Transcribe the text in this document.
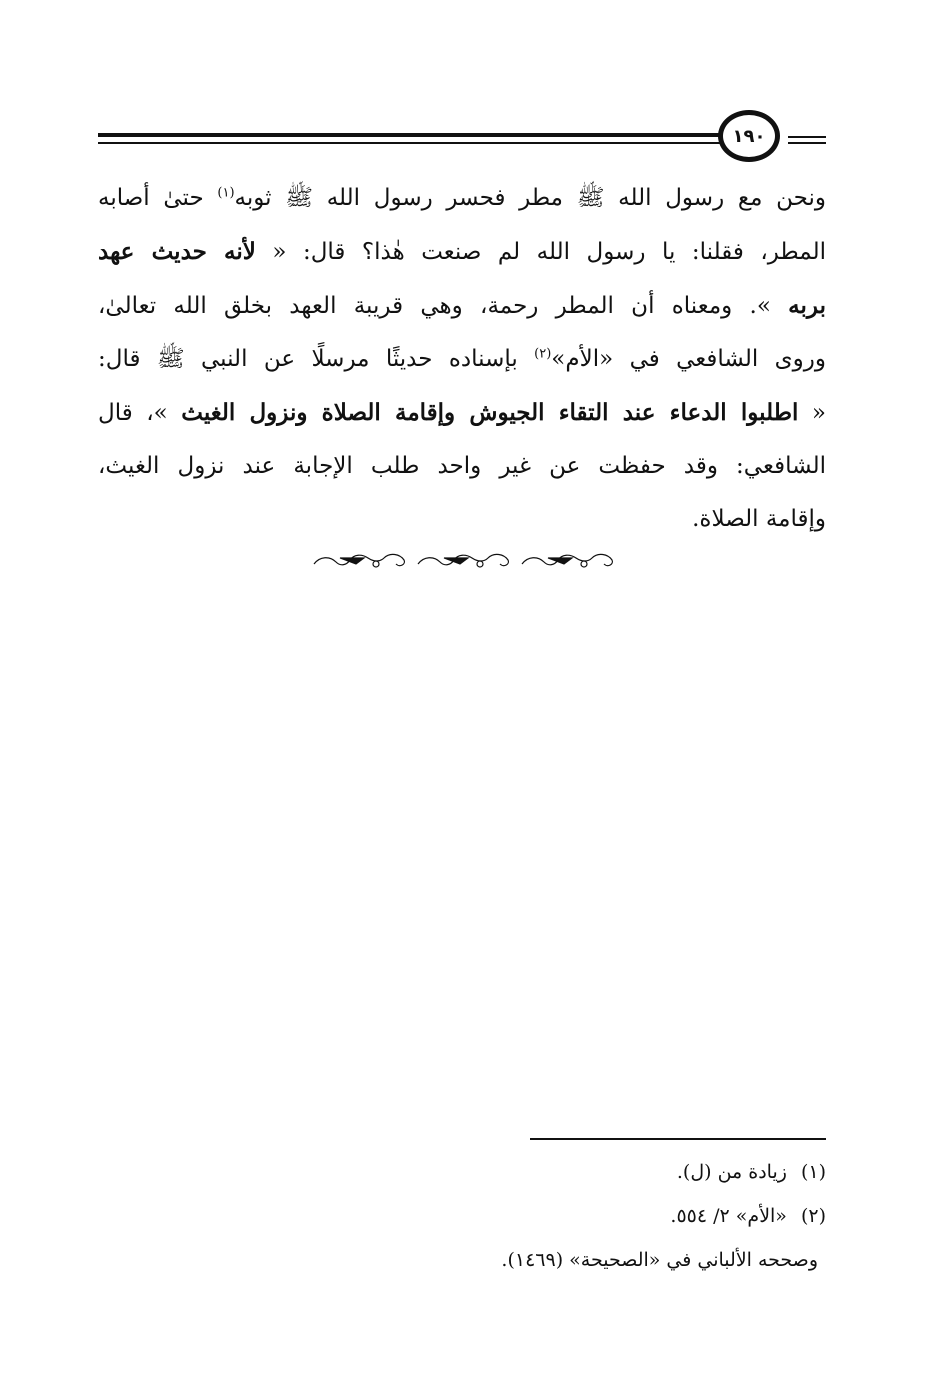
١٩٠
ونحن مع رسول الله ﷺ مطر فحسر رسول الله ﷺ ثوبه$^{(١)}$ حتىٰ أصابه
المطر، فقلنا: يا رسول الله لم صنعت هٰذا؟ قال: « لأنه حديث عهد
بربه ». ومعناه أن المطر رحمة، وهي قريبة العهد بخلق الله تعالىٰ،
وروى الشافعي في «الأم»$^{(٢)}$ بإسناده حديثًا مرسلًا عن النبي ﷺ قال:
« اطلبوا الدعاء عند التقاء الجيوش وإقامة الصلاة ونزول الغيث »، قال
الشافعي: وقد حفظت عن غير واحد طلب الإجابة عند نزول الغيث،
وإقامة الصلاة.
(١)زيادة من (ل).
(٢)«الأم» ٢/ ٥٥٤.
وصححه الألباني في «الصحيحة» (١٤٦٩).
